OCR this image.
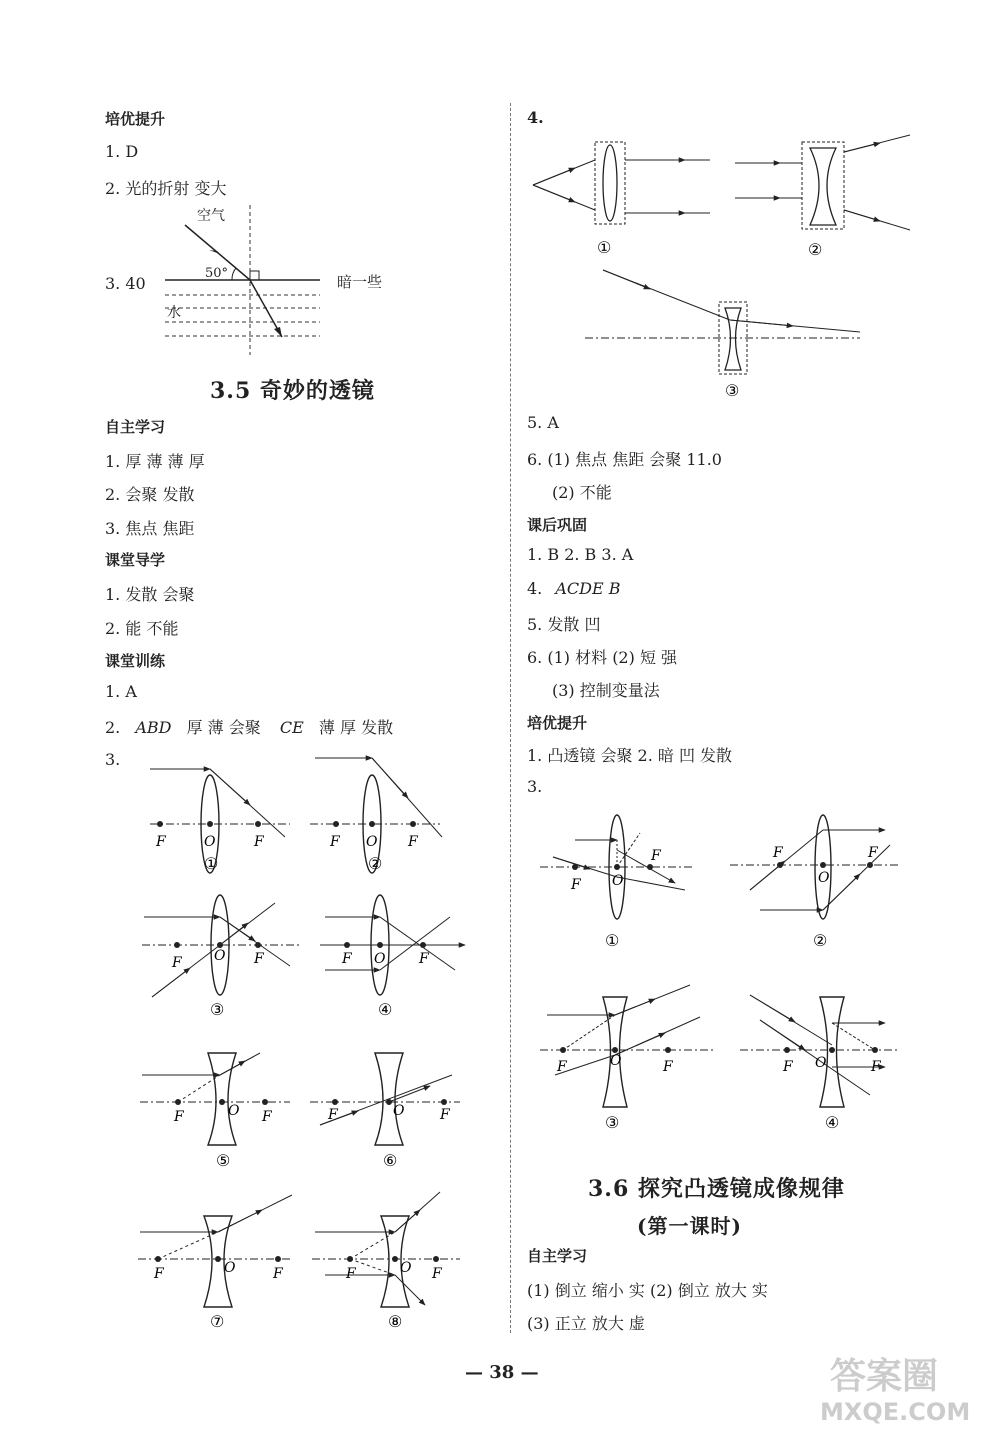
培优提升
1. D
2. 光的折射 变大
3. 40
空气
50°
水
暗一些
3.5 奇妙的透镜
自主学习
1. 厚 薄 薄 厚
2. 会聚 发散
3. 焦点 焦距
课堂导学
1. 发散 会聚
2. 能 不能
课堂训练
1. A
2. ABD 厚 薄 会聚 CE 薄 厚 发散
3.
F	O	F
①
F O F
②
F O F
③
F O F
④
F	O F
⑤
F	O	F
⑥
F	O	F
⑦
F	O F
⑧
4.
①	②
③
5. A
6. (1) 焦点 焦距 会聚 11.0
(2) 不能
课后巩固
1. B 2. B 3. A
4. ACDE B
5. 发散 凹
6. (1) 材料 (2) 短 强
(3) 控制变量法
培优提升
1. 凸透镜 会聚 2. 暗 凹 发散
3.
F O
F
①
F
O
F
②
F	O	F
③
F O	F
④
3.6 探究凸透镜成像规律
(第一课时)
自主学习
(1) 倒立 缩小 实 (2) 倒立 放大 实
(3) 正立 放大 虚
— 38 —	答案圈
MXQE.COM
